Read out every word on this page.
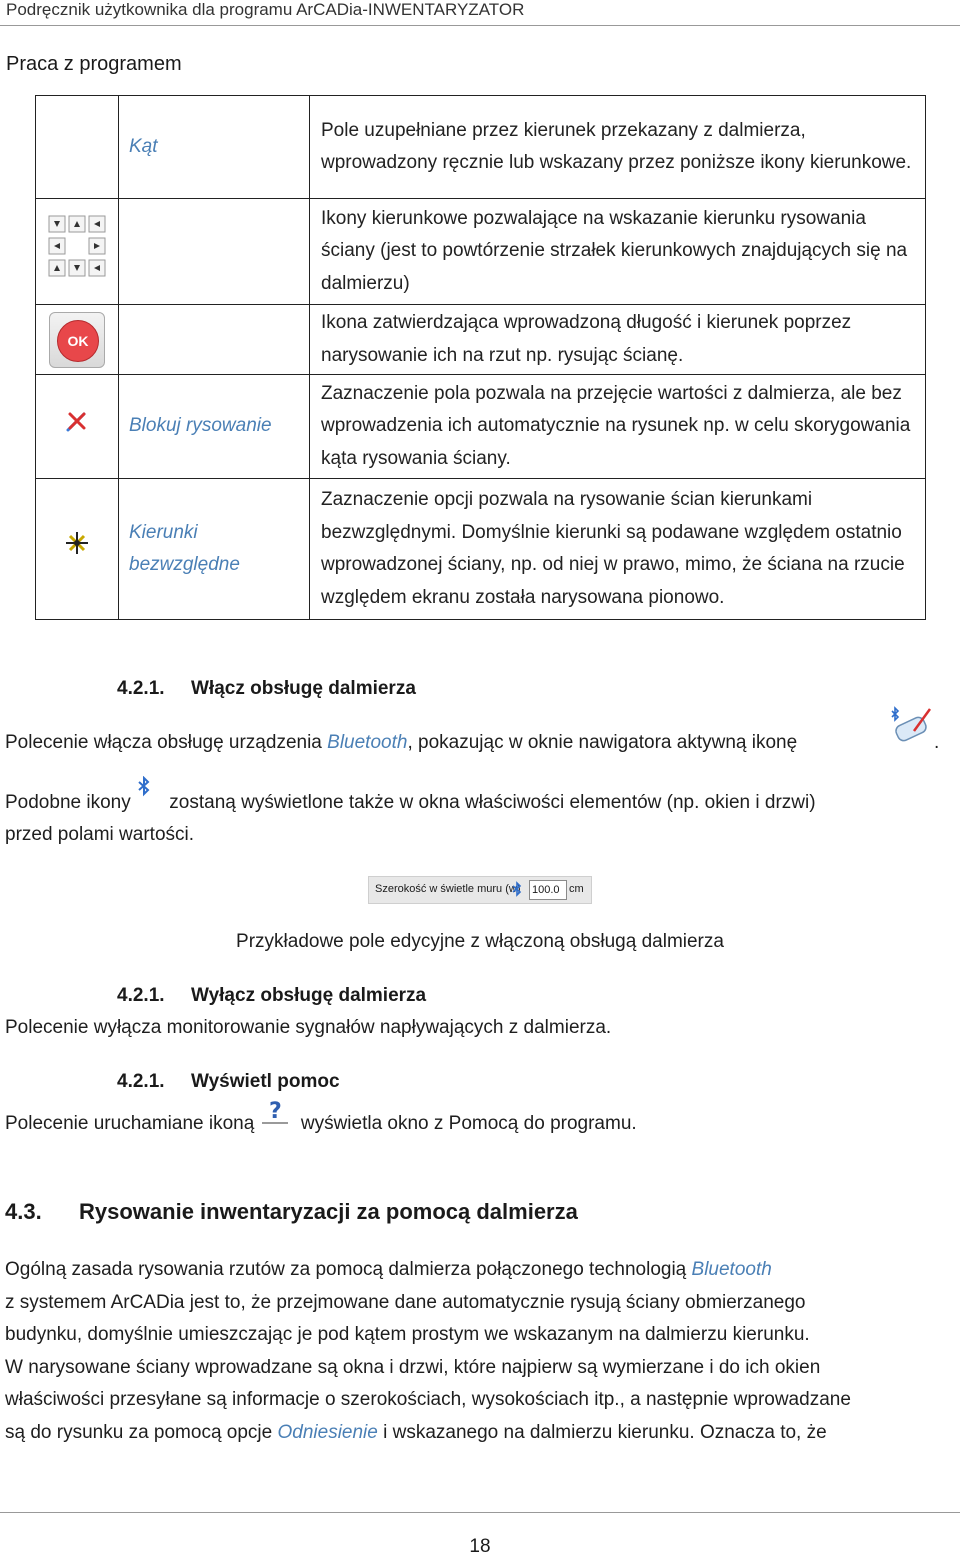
Podręcznik użytkownika dla programu ArCADia-INWENTARYZATOR
Praca z programem
	Kąt	Pole uzupełniane przez kierunek przekazany z dalmierza, wprowadzony ręcznie lub wskazany przez poniższe ikony kierunkowe.
		Ikony kierunkowe pozwalające na wskazanie kierunku rysowania ściany (jest to powtórzenie strzałek kierunkowych znajdujących się na dalmierzu)

OK		Ikona zatwierdzająca wprowadzoną długość i kierunek poprzez narysowanie ich na rzut np. rysując ścianę.
	Blokuj rysowanie	Zaznaczenie pola pozwala na przejęcie wartości z dalmierza, ale bez wprowadzenia ich automatycznie na rysunek np. w celu skorygowania kąta rysowania ściany.
	Kierunki bezwzględne	Zaznaczenie opcji pozwala na rysowanie ścian kierunkami bezwzględnymi. Domyślnie kierunki są podawane względem ostatnio wprowadzonej ściany, np. od niej w prawo, mimo, że ściana na rzucie względem ekranu została narysowana pionowo.
4.2.1. Włącz obsługę dalmierza
Polecenie włącza obsługę urządzenia Bluetooth, pokazując w oknie nawigatora aktywną ikonę	.
Podobne ikony zostaną wyświetlone także w okna właściwości elementów (np. okien i drzwi)
przed polami wartości.
Szerokość w świetle muru (w) 100.0 cm
Przykładowe pole edycyjne z włączoną obsługą dalmierza
4.2.1. Wyłącz obsługę dalmierza
Polecenie wyłącza monitorowanie sygnałów napływających z dalmierza.
4.2.1. Wyświetl pomoc
Polecenie uruchamiane ikoną ? wyświetla okno z Pomocą do programu.
4.3. Rysowanie inwentaryzacji za pomocą dalmierza
Ogólną zasada rysowania rzutów za pomocą dalmierza połączonego technologią Bluetooth
z systemem ArCADia jest to, że przejmowane dane automatycznie rysują ściany obmierzanego
budynku, domyślnie umieszczając je pod kątem prostym we wskazanym na dalmierzu kierunku.
W narysowane ściany wprowadzane są okna i drzwi, które najpierw są wymierzane i do ich okien
właściwości przesyłane są informacje o szerokościach, wysokościach itp., a następnie wprowadzane
są do rysunku za pomocą opcje Odniesienie i wskazanego na dalmierzu kierunku. Oznacza to, że
18
